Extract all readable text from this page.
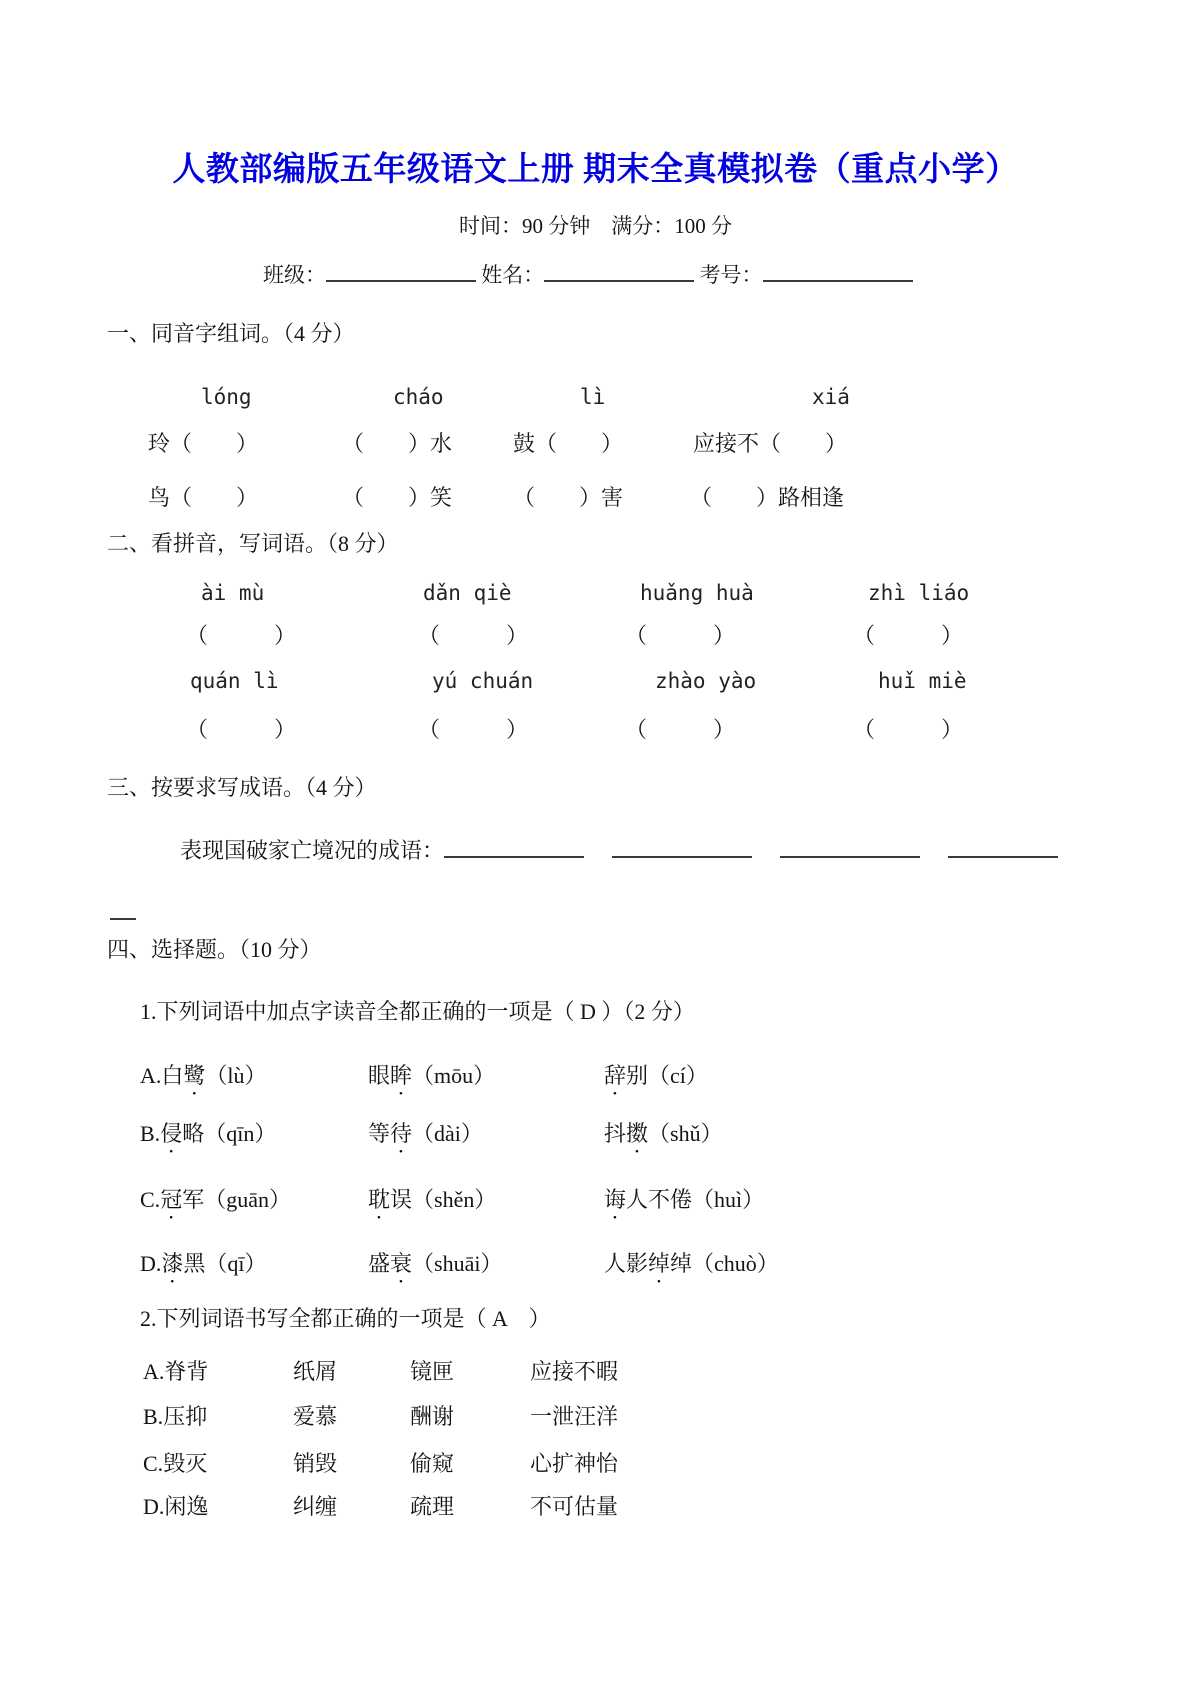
人教部编版五年级语文上册 期末全真模拟卷（重点小学）
时间：90 分钟　满分：100 分
班级：	姓名：	考号：
一、同音字组词。（4 分）
lóng	cháo	lì	xiá
玲（　　）	（　　）水	鼓（　　）	应接不（　　）
鸟（　　）	（　　）笑	（　　）害	（　　）路相逢
二、看拼音，写词语。（8 分）
ài mù	dǎn qiè	huǎng huà	zhì liáo
（　　　）	（　　　）	（　　　）	（　　　）
quán lì	yú chuán	zhào yào	huǐ miè
（　　　）	（　　　）	（　　　）	（　　　）
三、按要求写成语。（4 分）
表现国破家亡境况的成语：
四、选择题。（10 分）
1.下列词语中加点字读音全都正确的一项是（ D ）（2 分）
A.白鹭（lù）	眼眸（mōu）	辞别（cí）
B.侵略（qīn）	等待（dài）	抖擞（shǔ）
C.冠军（guān）	耽误（shěn）	诲人不倦（huì）
D.漆黑（qī）	盛衰（shuāi）	人影绰绰（chuò）
2.下列词语书写全都正确的一项是（ A　）
A.脊背	纸屑	镜匣	应接不暇
B.压抑	爱慕	酬谢	一泄汪洋
C.毁灭	销毁	偷窥	心扩神怡
D.闲逸	纠缠	疏理	不可估量
